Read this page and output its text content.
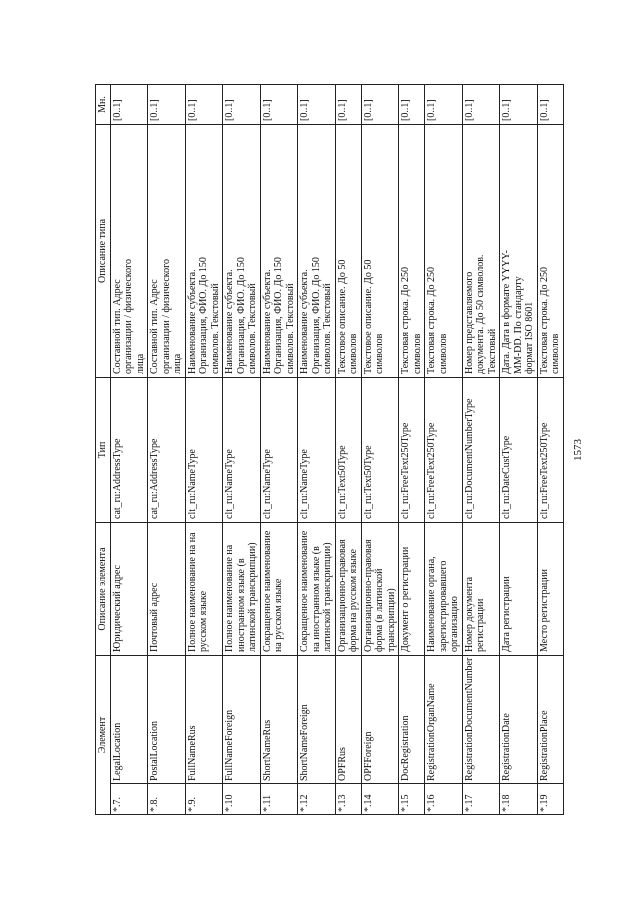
Элемент		Описание элемента	Тип	Описание типа	Мн.
*.7.	LegalLocation	Юридический адрес	cat_ru:AddressType	Составной тип. Адрес организации / физического лица	[0..1]
*.8.	PostalLocation	Почтовый адрес	cat_ru:AddressType	Составной тип. Адрес организации / физического лица	[0..1]
*.9.	FullNameRus	Полное наименование на на русском языке	clt_ru:NameType	Наименование субъекта. Организация, ФИО. До 150 символов. Текстовый	[0..1]
*.10	FullNameForeign	Полное наименование на иностранном языке (в латинской транскрипции)	clt_ru:NameType	Наименование субъекта. Организация, ФИО. До 150 символов. Текстовый	[0..1]
*.11	ShortNameRus	Сокращенное наименование на русском языке	clt_ru:NameType	Наименование субъекта. Организация, ФИО. До 150 символов. Текстовый	[0..1]
*.12	ShortNameForeign	Сокращенное наименование на иностранном языке (в латинской транскрипции)	clt_ru:NameType	Наименование субъекта. Организация, ФИО. До 150 символов. Текстовый	[0..1]
*.13	OPFRus	Организационно-правовая форма на русском языке	clt_ru:Text50Type	Текстовое описание. До 50 символов	[0..1]
*.14	OPFForeign	Организационно-правовая форма (в латинской транскрипции)	clt_ru:Text50Type	Текстовое описание. До 50 символов	[0..1]
*.15	DocRegistration	Документ о регистрации	clt_ru:FreeText250Type	Текстовая строка. До 250 символов	[0..1]
*.16	RegistrationOrganName	Наименование органа, зарегистрировавшего организацию	clt_ru:FreeText250Type	Текстовая строка. До 250 символов	[0..1]
*.17	RegistrationDocumentNumber	Номер документа регистрации	clt_ru:DocumentNumberType	Номер представляемого документа. До 50 символов. Текстовый	[0..1]
*.18	RegistrationDate	Дата регистрации	clt_ru:DateCustType	Дата. Дата в формате YYYY-MM-DD. По стандарту формат ISO 8601	[0..1]
*.19	RegistrationPlace	Место регистрации	clt_ru:FreeText250Type	Текстовая строка. До 250 символов	[0..1]
1573
